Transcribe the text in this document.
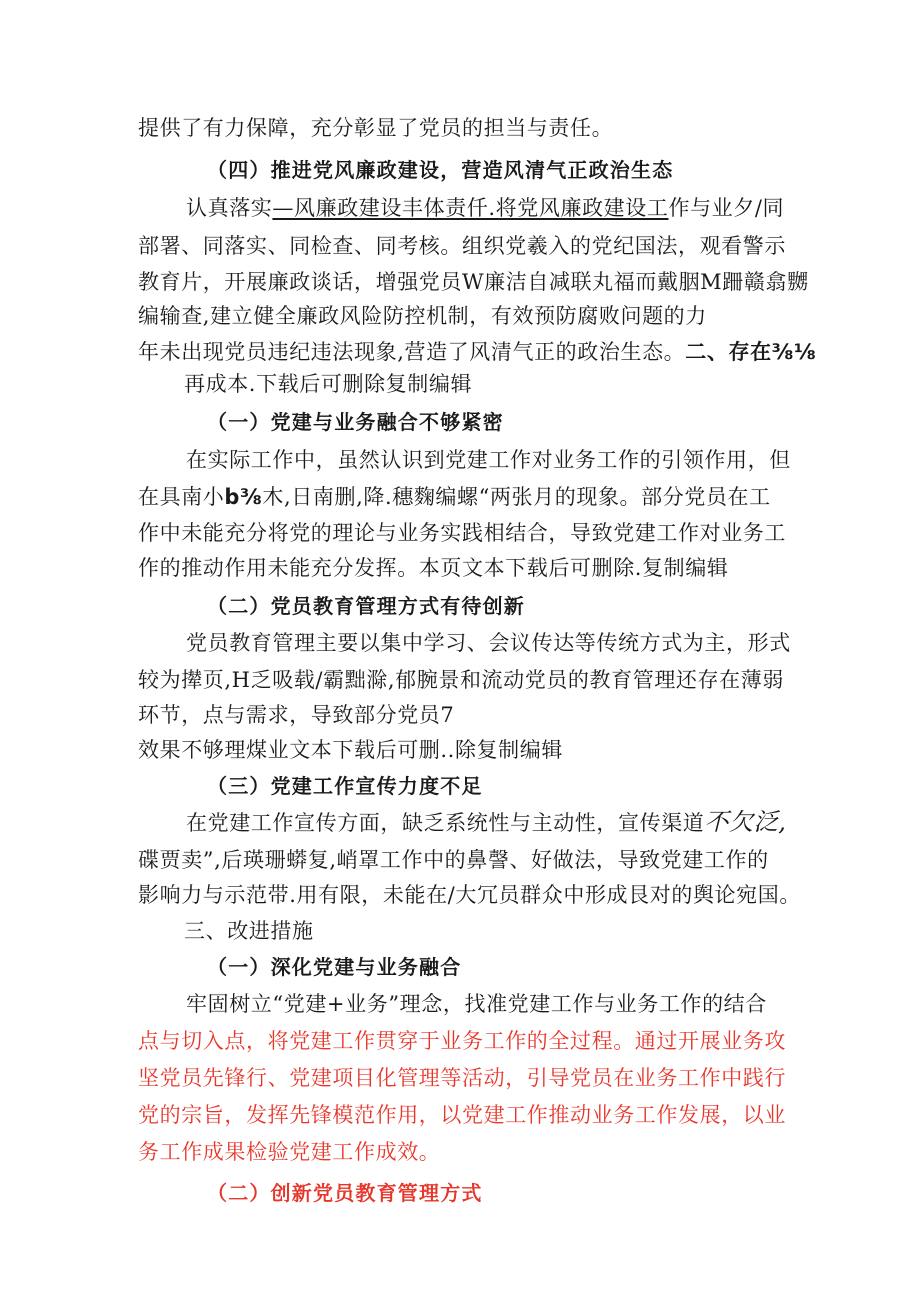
提供了有力保障，充分彰显了党员的担当与责任。
（四）推进党风廉政建设，营造风清气正政治生态
认真落实—风廉政建设丰体责仟.将党风廉政建设工作与业夕/同
部署、同落实、同检查、同考核。组织党羲入的党纪国法，观看警示
教育片，开展廉政谈话，增强党员W廉洁自减联丸福而戴胭M跚赣翕嬲
编输查,建立健全廉政风险防控机制，有效预防腐败问题的力
年未出现党员违纪违法现象,营造了风清气正的政治生态。二、存在⅜⅛
再成本.下载后可删除复制编辑
（一）党建与业务融合不够紧密
在实际工作中，虽然认识到党建工作对业务工作的引领作用，但
在具南小b⅜木,日南删,降.穗麴编螺“两张月的现象。部分党员在工
作中未能充分将党的理论与业务实践相结合，导致党建工作对业务工
作的推动作用未能充分发挥。本页文本下载后可删除.复制编辑
（二）党员教育管理方式有待创新
党员教育管理主要以集中学习、会议传达等传统方式为主，形式
较为撵页,H乏吸载/霸黜滁,郁腕景和流动党员的教育管理还存在薄弱
环节，点与需求，导致部分党员7
效果不够理煤业文本下载后可删..除复制编辑
（三）党建工作宣传力度不足
在党建工作宣传方面，缺乏系统性与主动性，宣传渠道不欠泛,
碟贾卖”,后瑛珊蟒复,峭罩工作中的鼻謦、好做法，导致党建工作的
影响力与示范带.用有限，未能在/大冗员群众中形成艮对的舆论宛国。
三、改进措施
（一）深化党建与业务融合
牢固树立“党建+业务”理念，找准党建工作与业务工作的结合
点与切入点，将党建工作贯穿于业务工作的全过程。通过开展业务攻
坚党员先锋行、党建项目化管理等活动，引导党员在业务工作中践行
党的宗旨，发挥先锋模范作用，以党建工作推动业务工作发展，以业
务工作成果检验党建工作成效。
（二）创新党员教育管理方式
